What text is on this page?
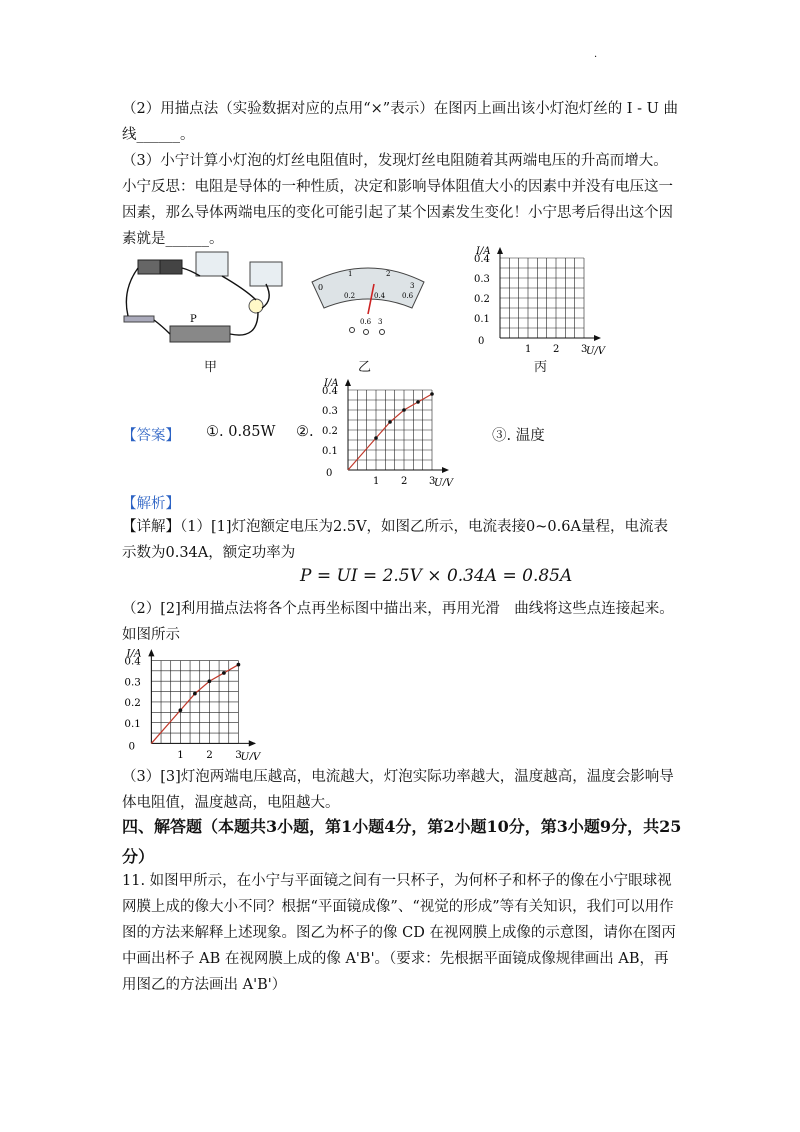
·

（2）用描点法（实验数据对应的点用“×”表示）在图丙上画出该小灯泡灯丝的 I - U 曲线______。

（3）小宁计算小灯泡的灯丝电阻值时，发现灯丝电阻随着其两端电压的升高而增大。

小宁反思：电阻是导体的一种性质，决定和影响导体阻值大小的因素中并没有电压这一因素，那么导体两端电压的变化可能引起了某个因素发生变化！小宁思考后得出这个因素就是______。

P
甲
0
0.2	0.4 0.6
1	2
3
0.6 3
乙
I/A
U/V
0
0.4
0.3
0.2
0.1
1 2 3
丙
【答案】 ①. 0.85W ②.
I/A
U/V
0
0.4
0.3
0.2
0.1
1 2 3
③. 温度
【解析】

【详解】（1）[1]灯泡额定电压为2.5V，如图乙所示，电流表接0~0.6A量程，电流表示数为0.34A，额定功率为

P = UI = 2.5V × 0.34A = 0.85A

（2）[2]利用描点法将各个点再坐标图中描出来，再用光滑　曲线将这些点连接起来。如图所示

I/A
U/V
0
0.4
0.3
0.2
0.1
1 2 3

（3）[3]灯泡两端电压越高，电流越大，灯泡实际功率越大，温度越高，温度会影响导体电阻值，温度越高，电阻越大。

四、解答题（本题共3小题，第1小题4分，第2小题10分，第3小题9分，共25分）

11. 如图甲所示，在小宁与平面镜之间有一只杯子，为何杯子和杯子的像在小宁眼球视网膜上成的像大小不同？根据“平面镜成像”、“视觉的形成”等有关知识，我们可以用作图的方法来解释上述现象。图乙为杯子的像 CD 在视网膜上成像的示意图，请你在图丙中画出杯子 AB 在视网膜上成的像 A'B'。（要求：先根据平面镜成像规律画出 AB，再用图乙的方法画出 A'B'）
